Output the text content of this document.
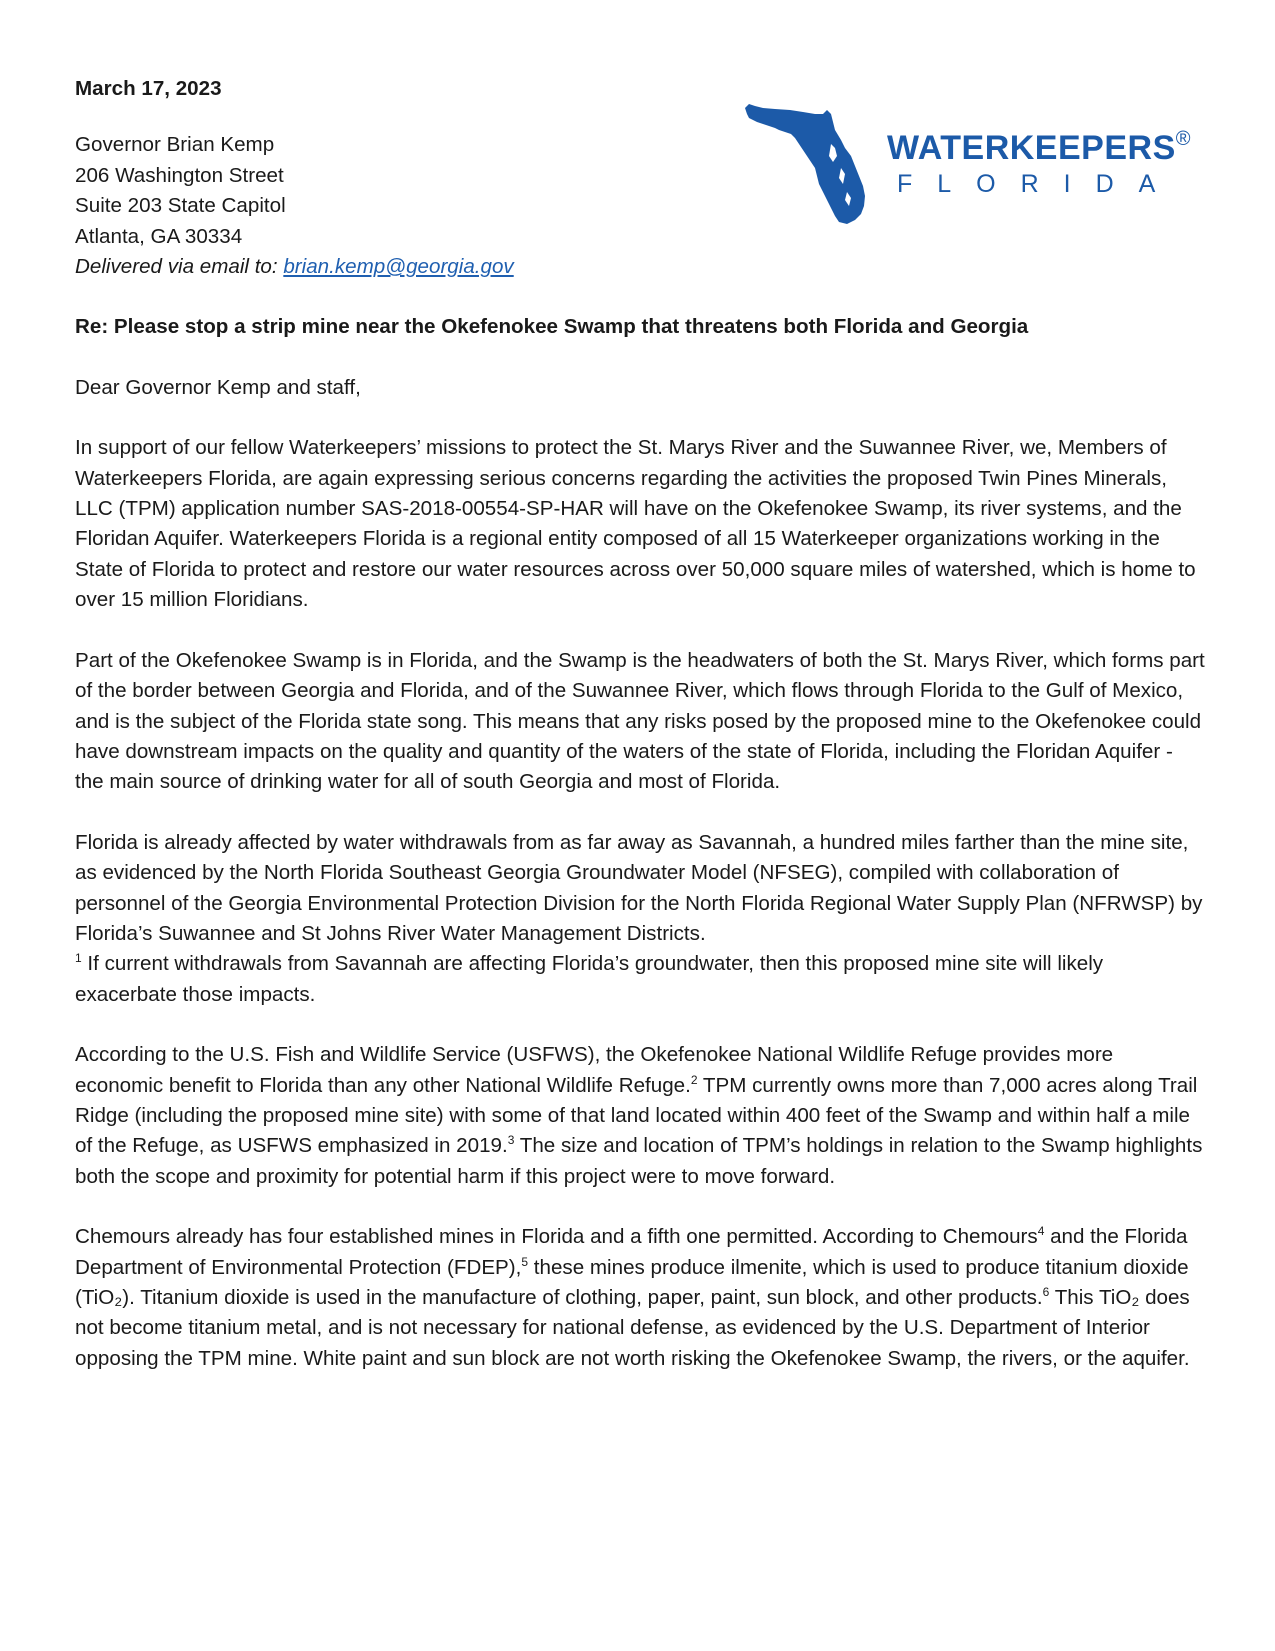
WATERKEEPERS®
FLORIDA
March 17, 2023
Governor Brian Kemp
206 Washington Street
Suite 203 State Capitol
Atlanta, GA 30334
Delivered via email to: brian.kemp@georgia.gov
Re: Please stop a strip mine near the Okefenokee Swamp that threatens both Florida and Georgia
Dear Governor Kemp and staff,
In support of our fellow Waterkeepers’ missions to protect the St. Marys River and the Suwannee River, we, Members of Waterkeepers Florida, are again expressing serious concerns regarding the activities the proposed Twin Pines Minerals, LLC (TPM) application number SAS-2018-00554-SP-HAR will have on the Okefenokee Swamp, its river systems, and the Floridan Aquifer. Waterkeepers Florida is a regional entity composed of all 15 Waterkeeper organizations working in the State of Florida to protect and restore our water resources across over 50,000 square miles of watershed, which is home to over 15 million Floridians.
Part of the Okefenokee Swamp is in Florida, and the Swamp is the headwaters of both the St. Marys River, which forms part of the border between Georgia and Florida, and of the Suwannee River, which flows through Florida to the Gulf of Mexico, and is the subject of the Florida state song. This means that any risks posed by the proposed mine to the Okefenokee could have downstream impacts on the quality and quantity of the waters of the state of Florida, including the Floridan Aquifer - the main source of drinking water for all of south Georgia and most of Florida.
Florida is already affected by water withdrawals from as far away as Savannah, a hundred miles farther than the mine site, as evidenced by the North Florida Southeast Georgia Groundwater Model (NFSEG), compiled with collaboration of personnel of the Georgia Environmental Protection Division for the North Florida Regional Water Supply Plan (NFRWSP) by Florida’s Suwannee and St Johns River Water Management Districts.
$^1$ If current withdrawals from Savannah are affecting Florida’s groundwater, then this proposed mine site will likely exacerbate those impacts.
According to the U.S. Fish and Wildlife Service (USFWS), the Okefenokee National Wildlife Refuge provides more economic benefit to Florida than any other National Wildlife Refuge.$^2$ TPM currently owns more than 7,000 acres along Trail Ridge (including the proposed mine site) with some of that land located within 400 feet of the Swamp and within half a mile of the Refuge, as USFWS emphasized in 2019.$^3$ The size and location of TPM’s holdings in relation to the Swamp highlights both the scope and proximity for potential harm if this project were to move forward.
Chemours already has four established mines in Florida and a fifth one permitted. According to Chemours$^4$ and the Florida Department of Environmental Protection (FDEP),$^5$ these mines produce ilmenite, which is used to produce titanium dioxide (TiO₂). Titanium dioxide is used in the manufacture of clothing, paper, paint, sun block, and other products.$^6$ This TiO₂ does not become titanium metal, and is not necessary for national defense, as evidenced by the U.S. Department of Interior opposing the TPM mine. White paint and sun block are not worth risking the Okefenokee Swamp, the rivers, or the aquifer.
